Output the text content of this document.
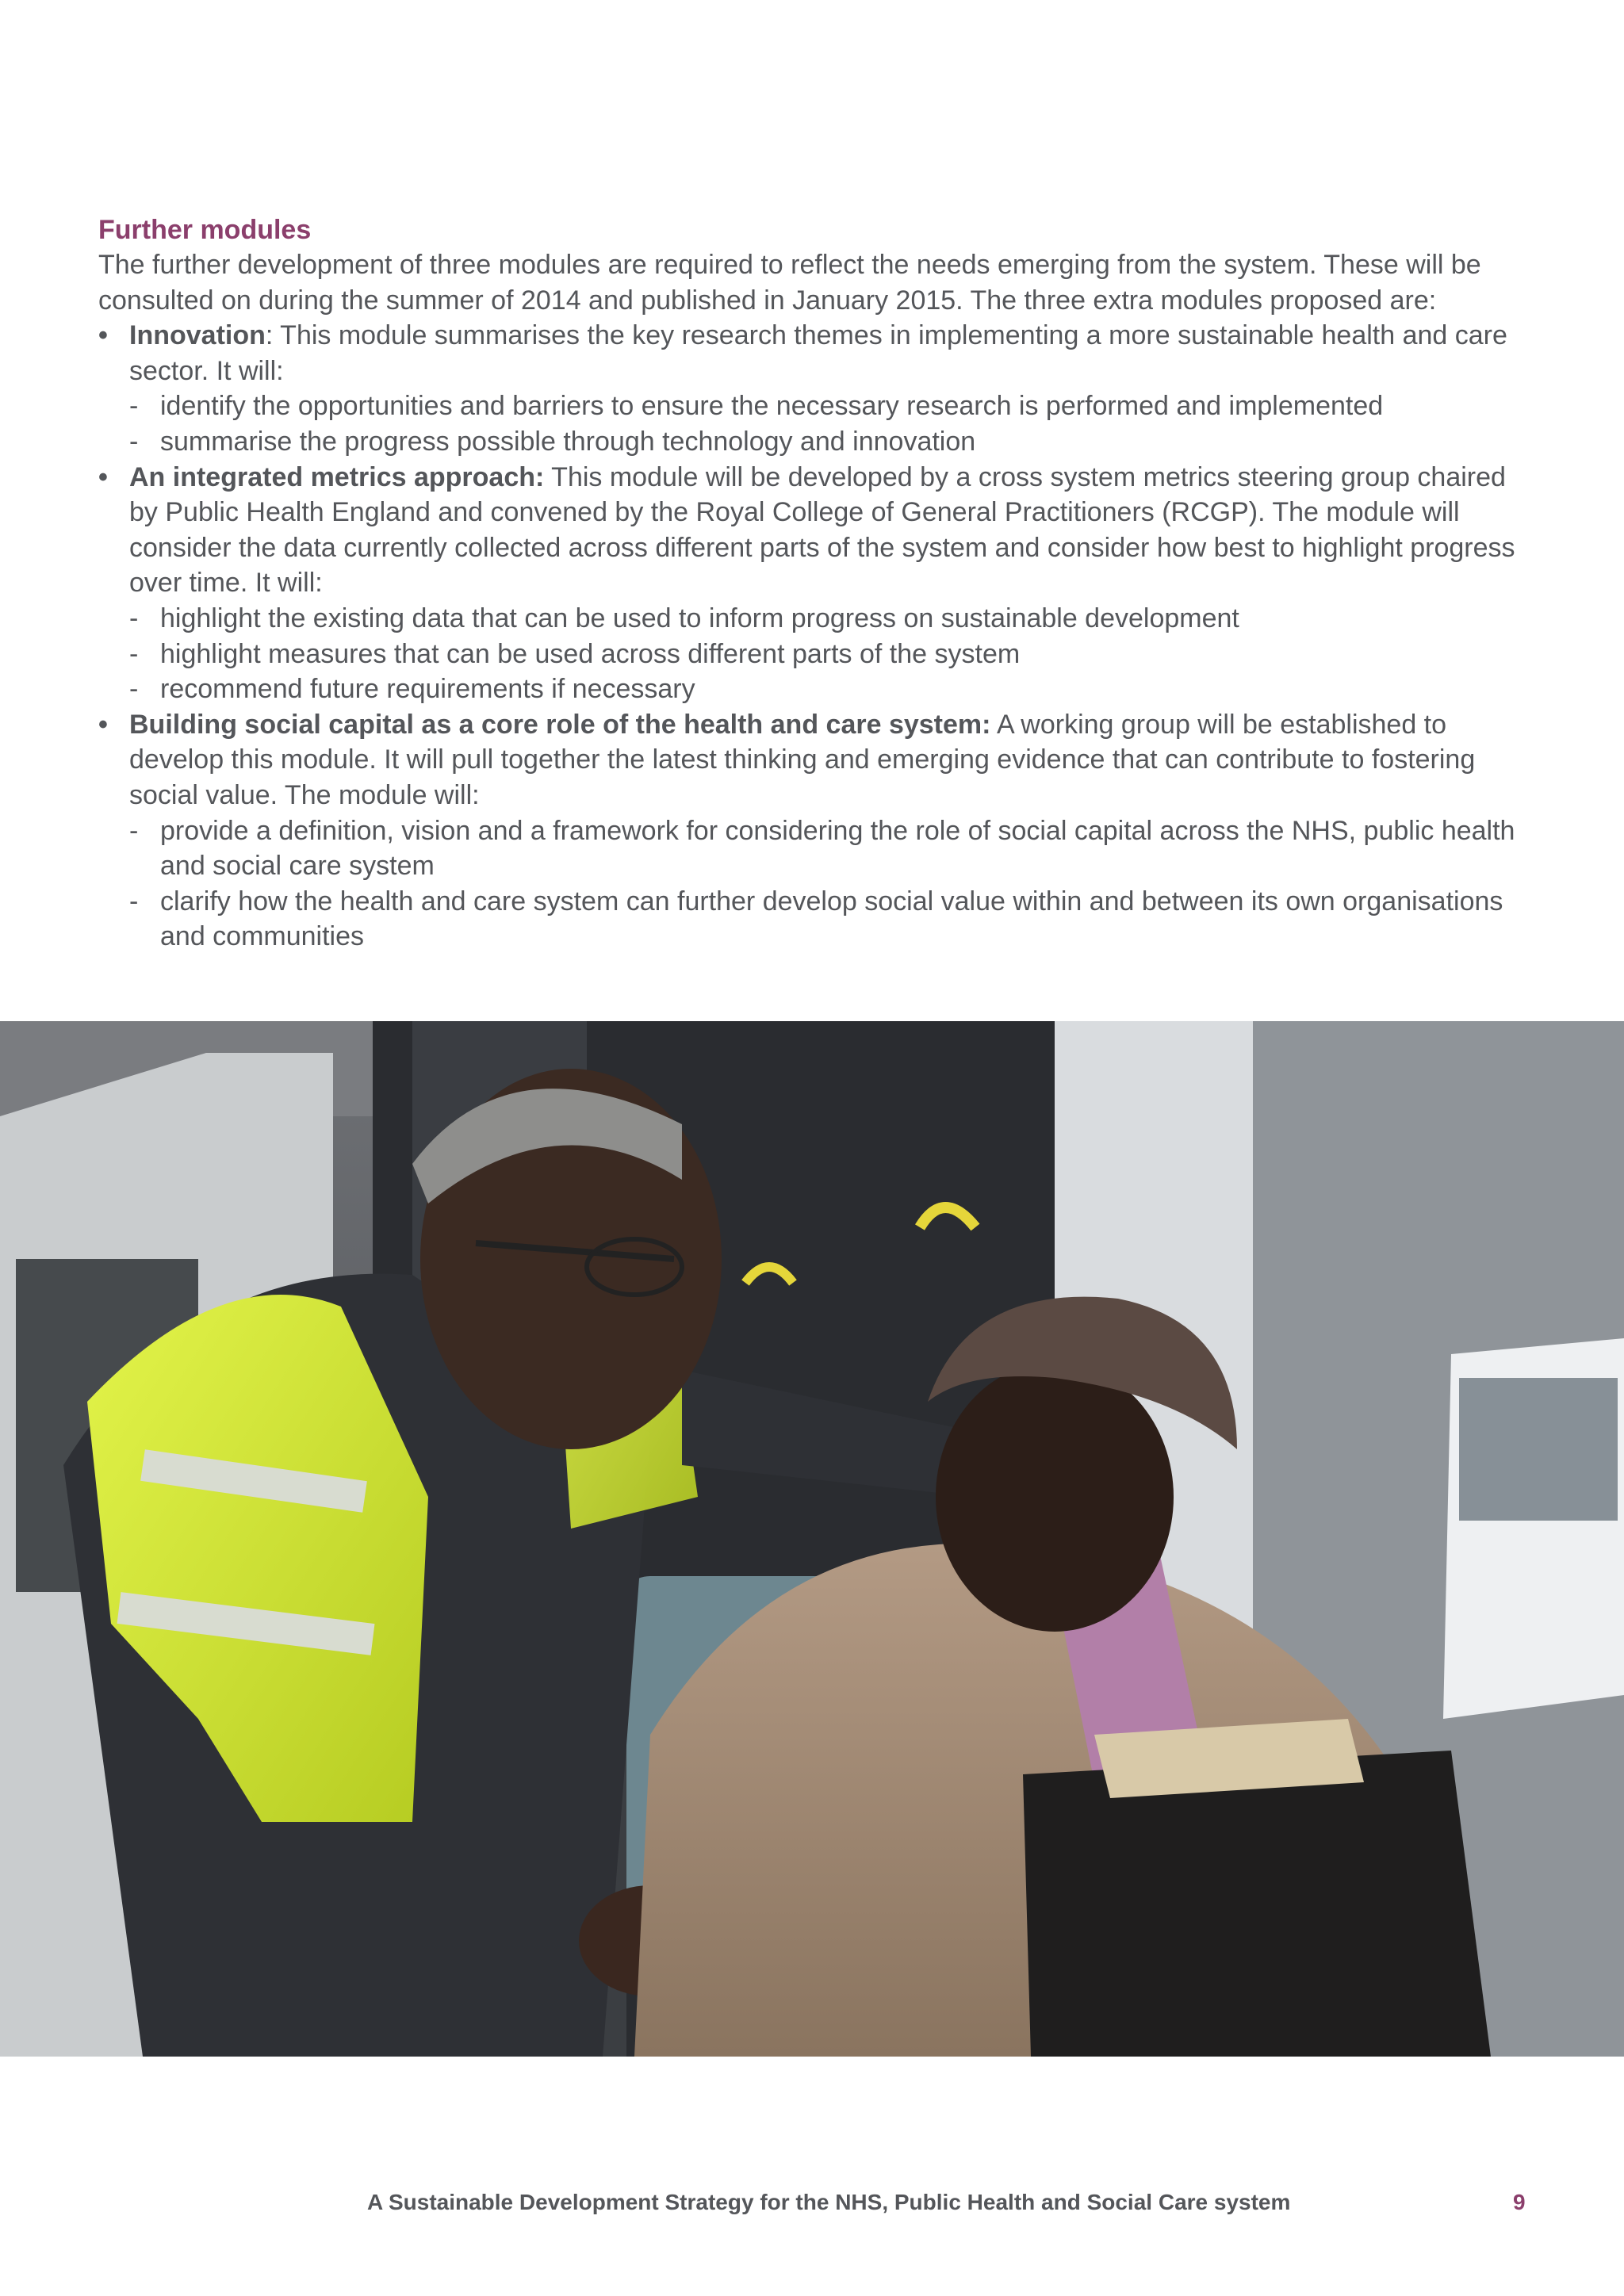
Further modules

The further development of three modules are required to reflect the needs emerging from the system. These will be consulted on during the summer of 2014 and published in January 2015. The three extra modules proposed are:

• Innovation: This module summarises the key research themes in implementing a more sustainable health and care sector. It will:
- identify the opportunities and barriers to ensure the necessary research is performed and implemented
- summarise the progress possible through technology and innovation
• An integrated metrics approach: This module will be developed by a cross system metrics steering group chaired by Public Health England and convened by the Royal College of General Practitioners (RCGP). The module will consider the data currently collected across different parts of the system and consider how best to highlight progress over time. It will:
- highlight the existing data that can be used to inform progress on sustainable development
- highlight measures that can be used across different parts of the system
- recommend future requirements if necessary
• Building social capital as a core role of the health and care system: A working group will be established to develop this module. It will pull together the latest thinking and emerging evidence that can contribute to fostering social value. The module will:
- provide a definition, vision and a framework for considering the role of social capital across the NHS, public health and social care system
- clarify how the health and care system can further develop social value within and between its own organisations and communities
A Sustainable Development Strategy for the NHS, Public Health and Social Care system	9
